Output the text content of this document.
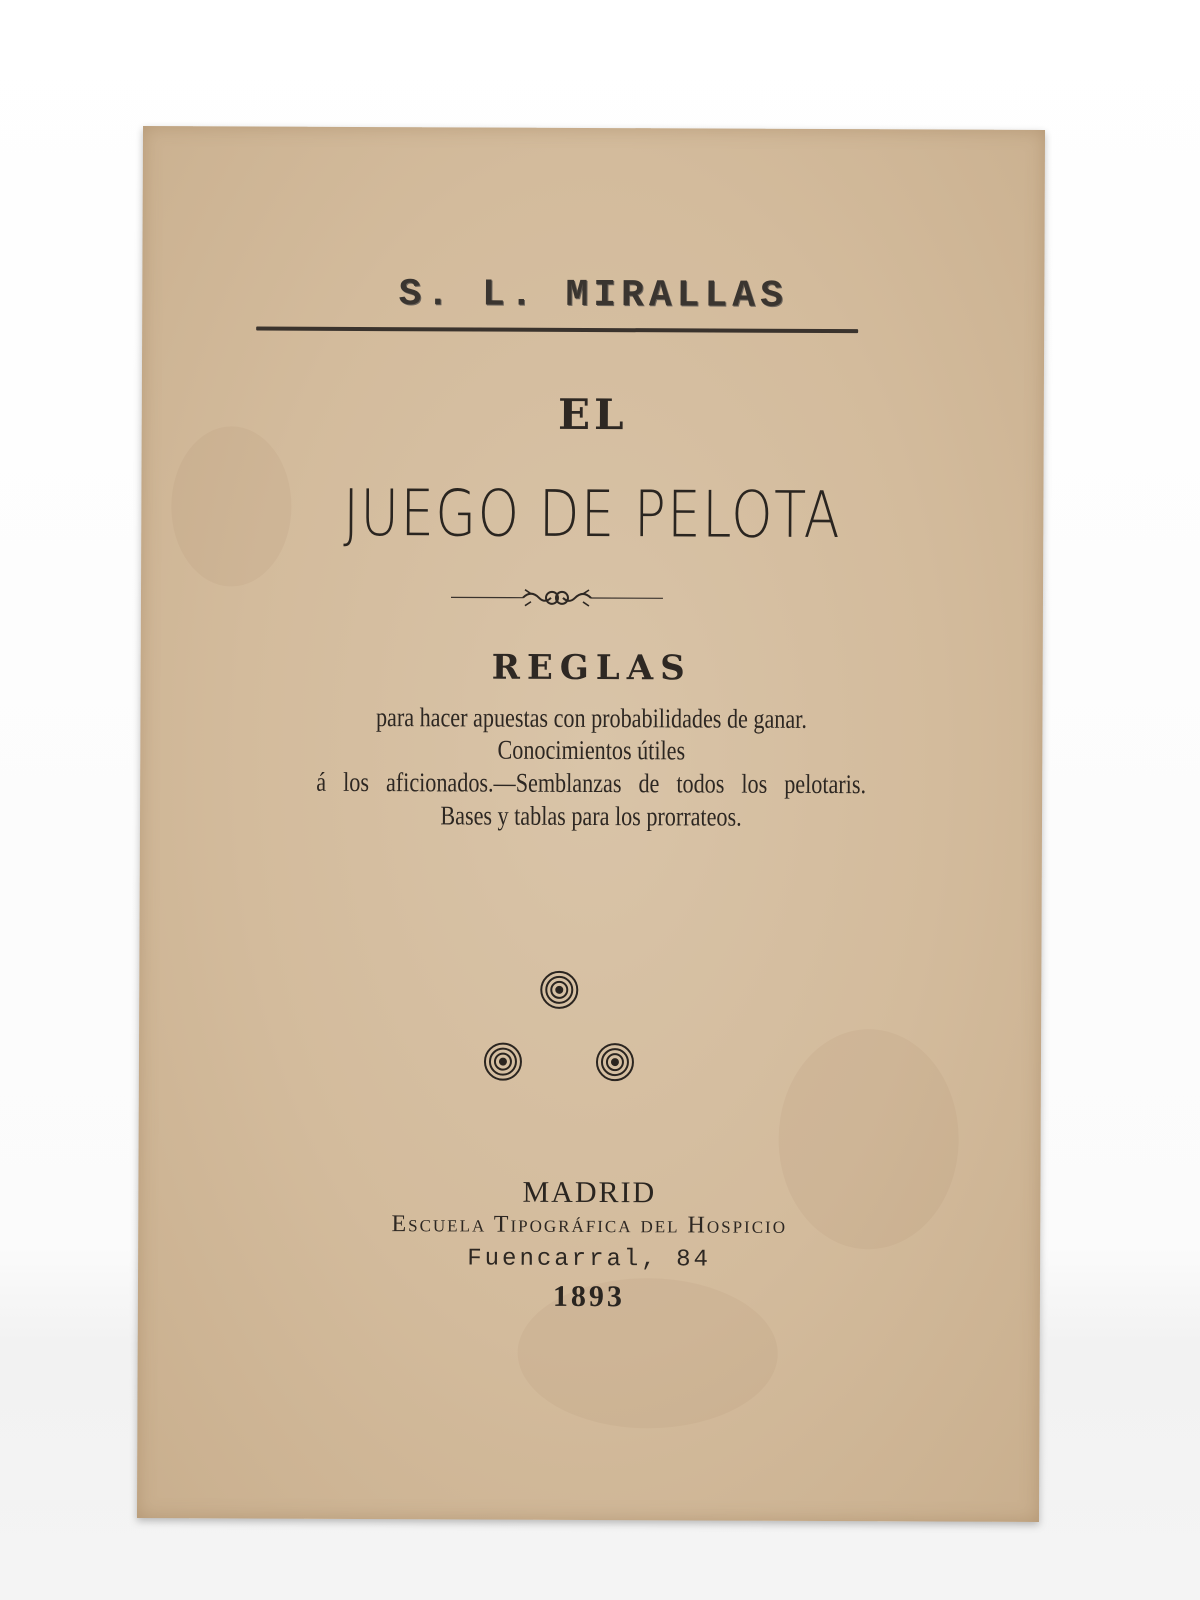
S. L. MIRALLAS
EL
JUEGO DE PELOTA
REGLAS
para hacer apuestas con probabilidades de ganar.
Conocimientos útiles
á los aficionados.—Semblanzas de todos los pelotaris.
Bases y tablas para los prorrateos.
MADRID
Escuela Tipográfica del Hospicio
Fuencarral, 84
1893
